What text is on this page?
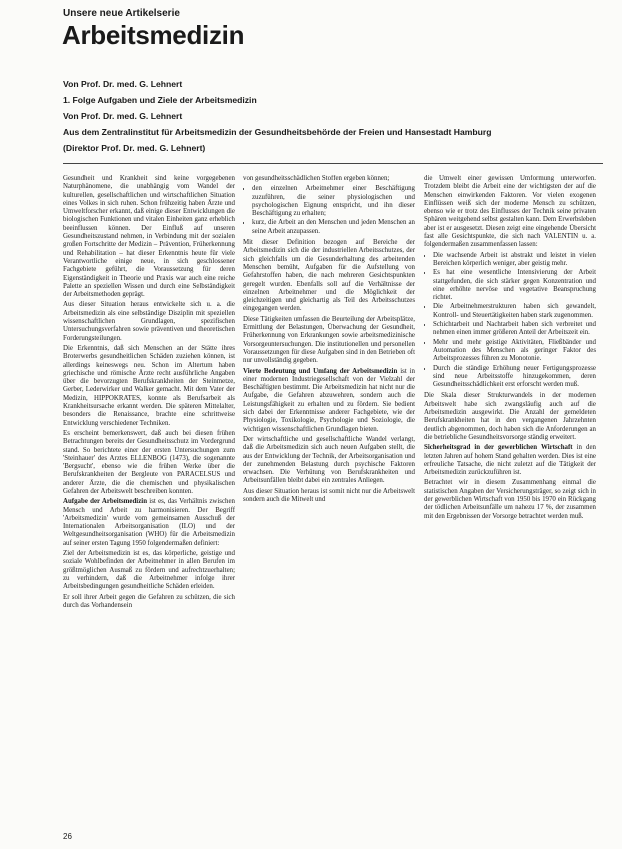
Unsere neue Artikelserie
Arbeitsmedizin
Von Prof. Dr. med. G. Lehnert
1. Folge Aufgaben und Ziele der Arbeitsmedizin
Von Prof. Dr. med. G. Lehnert
Aus dem Zentralinstitut für Arbeitsmedizin der Gesundheitsbehörde der Freien und Hansestadt Hamburg
(Direktor Prof. Dr. med. G. Lehnert)

Gesundheit und Krankheit sind keine vorgegebenen Naturphänomene, die unabhängig vom Wandel der kulturellen, gesellschaftlichen und wirtschaftlichen Situation eines Volkes in sich ruhen. Schon frühzeitig haben Ärzte und Umweltforscher erkannt, daß einige dieser Entwicklungen die biologischen Funktionen und vitalen Einheiten ganz erheblich beeinflussen können. Der Einfluß auf unseren Gesundheitszustand nehmen, in Verbindung mit der sozialen großen Fortschritte der Medizin – Prävention, Früherkennung und Rehabilitation – hat dieser Erkenntnis heute für viele Verantwortliche einige neue, in sich geschlossener Fachgebiete geführt, die Voraussetzung für deren Eigenständigkeit in Theorie und Praxis war auch eine reiche Palette an speziellen Wissen und durch eine Selbständigkeit der Arbeitsmethoden geprägt.

Aus dieser Situation heraus entwickelte sich u. a. die Arbeitsmedizin als eine selbständige Disziplin mit speziellen wissenschaftlichen Grundlagen, spezifischen Untersuchungsverfahren sowie präventiven und theoretischen Forderungsteilungen.

Die Erkenntnis, daß sich Menschen an der Stätte ihres Broterwerbs gesundheitlichen Schäden zuziehen können, ist allerdings keineswegs neu. Schon im Altertum haben griechische und römische Ärzte recht ausführliche Angaben über die bevorzugten Berufskrankheiten der Steinmetze, Gerber, Lederwirker und Walker gemacht. Mit dem Vater der Medizin, HIPPOKRATES, konnte als Berufsarbeit als Krankheitsursache erkannt werden. Die späteren Mittelalter, besonders die Renaissance, brachte eine schrittweise Entwicklung verschiedener Techniken.

Es erscheint bemerkenswert, daß auch bei diesen frühen Betrachtungen bereits der Gesundheitsschutz im Vordergrund stand. So berichtete einer der ersten Untersuchungen zum 'Steinhauer' des Arztes ELLENBOG (1473), die sogenannte 'Bergsucht', ebenso wie die frühen Werke über die Berufskrankheiten der Bergleute von PARACELSUS und anderer Ärzte, die die chemischen und physikalischen Gefahren der Arbeitswelt beschreiben konnten.

Aufgabe der Arbeitsmedizin ist es, das Verhältnis zwischen Mensch und Arbeit zu harmonisieren. Der Begriff 'Arbeitsmedizin' wurde vom gemeinsamen Ausschuß der Internationalen Arbeitsorganisation (ILO) und der Weltgesundheitsorganisation (WHO) für die Arbeitsmedizin auf seiner ersten Tagung 1950 folgendermaßen definiert:

Ziel der Arbeitsmedizin ist es, das körperliche, geistige und soziale Wohlbefinden der Arbeitnehmer in allen Berufen im größtmöglichen Ausmaß zu fördern und aufrechtzuerhalten; zu verhindern, daß die Arbeitnehmer infolge ihrer Arbeitsbedingungen gesundheitliche Schäden erleiden.

Er soll ihrer Arbeit gegen die Gefahren zu schützen, die sich durch das Vorhandensein

von gesundheitsschädlichen Stoffen ergeben können;

• den einzelnen Arbeitnehmer einer Beschäftigung zuzuführen, die seiner physiologischen und psychologischen Eignung entspricht, und ihn dieser Beschäftigung zu erhalten;
• kurz, die Arbeit an den Menschen und jeden Menschen an seine Arbeit anzupassen.

Mit dieser Definition bezogen auf Bereiche der Arbeitsmedizin sich die der industriellen Arbeitsschutzes, der sich gleichfalls um die Gesunderhaltung des arbeitenden Menschen bemüht, Aufgaben für die Aufstellung von Gefahrstoffen haben, die nach mehreren Gesichtspunkten geregelt wurden. Ebenfalls soll auf die Verhältnisse der einzelnen Arbeitnehmer und die Möglichkeit der gleichzeitigen und gleichartig als Teil des Arbeitsschutzes eingegangen werden.

Diese Tätigkeiten umfassen die Beurteilung der Arbeitsplätze, Ermittlung der Belastungen, Überwachung der Gesundheit, Früherkennung von Erkrankungen sowie arbeitsmedizinische Vorsorgeuntersuchungen. Die institutionellen und personellen Voraussetzungen für diese Aufgaben sind in den Betrieben oft nur unvollständig gegeben.

Vierte Bedeutung und Umfang der Arbeitsmedizin ist in einer modernen Industriegesellschaft von der Vielzahl der Beschäftigten bestimmt. Die Arbeitsmedizin hat nicht nur die Aufgabe, die Gefahren abzuwehren, sondern auch die Leistungsfähigkeit zu erhalten und zu fördern. Sie bedient sich dabei der Erkenntnisse anderer Fachgebiete, wie der Physiologie, Toxikologie, Psychologie und Soziologie, die wichtigen wissenschaftlichen Grundlagen bieten.

Der wirtschaftliche und gesellschaftliche Wandel verlangt, daß die Arbeitsmedizin sich auch neuen Aufgaben stellt, die aus der Entwicklung der Technik, der Arbeitsorganisation und der zunehmenden Belastung durch psychische Faktoren erwachsen. Die Verhütung von Berufskrankheiten und Arbeitsunfällen bleibt dabei ein zentrales Anliegen.

Aus dieser Situation heraus ist somit nicht nur die Arbeitswelt sondern auch die Mitwelt und

die Umwelt einer gewissen Umformung unterworfen. Trotzdem bleibt die Arbeit eine der wichtigsten der auf die Menschen einwirkenden Faktoren. Vor vielen exogenen Einflüssen weiß sich der moderne Mensch zu schützen, ebenso wie er trotz des Einflusses der Technik seine privaten Sphären weitgehend selbst gestalten kann. Dem Erwerbsleben aber ist er ausgesetzt. Diesen zeigt eine eingehende Übersicht fast alle Gesichtspunkte, die sich nach VALENTIN u. a. folgendermaßen zusammenfassen lassen:

• Die wachsende Arbeit ist abstrakt und leistet in vielen Bereichen körperlich weniger, aber geistig mehr.
• Es hat eine wesentliche Intensivierung der Arbeit stattgefunden, die sich stärker gegen Konzentration und eine erhöhte nervöse und vegetative Beanspruchung richtet.
• Die Arbeitnehmerstrukturen haben sich gewandelt, Kontroll- und Steuertätigkeiten haben stark zugenommen.
• Schichtarbeit und Nachtarbeit haben sich verbreitet und nehmen einen immer größeren Anteil der Arbeitszeit ein.
• Mehr und mehr geistige Aktivitäten, Fließbänder und Automation des Menschen als geringer Faktor des Arbeitsprozesses führen zu Monotonie.
• Durch die ständige Erhöhung neuer Fertigungsprozesse sind neue Arbeitsstoffe hinzugekommen, deren Gesundheitsschädlichkeit erst erforscht werden muß.

Die Skala dieser Strukturwandels in der modernen Arbeitswelt habe sich zwangsläufig auch auf die Arbeitsmedizin ausgewirkt. Die Anzahl der gemeldeten Berufskrankheiten hat in den vergangenen Jahrzehnten deutlich abgenommen, doch haben sich die Anforderungen an die betriebliche Gesundheitsvorsorge ständig erweitert.

Sicherheitsgrad in der gewerblichen Wirtschaft in den letzten Jahren auf hohem Stand gehalten werden. Dies ist eine erfreuliche Tatsache, die nicht zuletzt auf die Tätigkeit der Arbeitsmedizin zurückzuführen ist.

Betrachtet wir in diesem Zusammenhang einmal die statistischen Angaben der Versicherungsträger, so zeigt sich in der gewerblichen Wirtschaft von 1950 bis 1970 ein Rückgang der tödlichen Arbeitsunfälle um nahezu 17 %, der zusammen mit den Ergebnissen der Vorsorge betrachtet werden muß.

26
